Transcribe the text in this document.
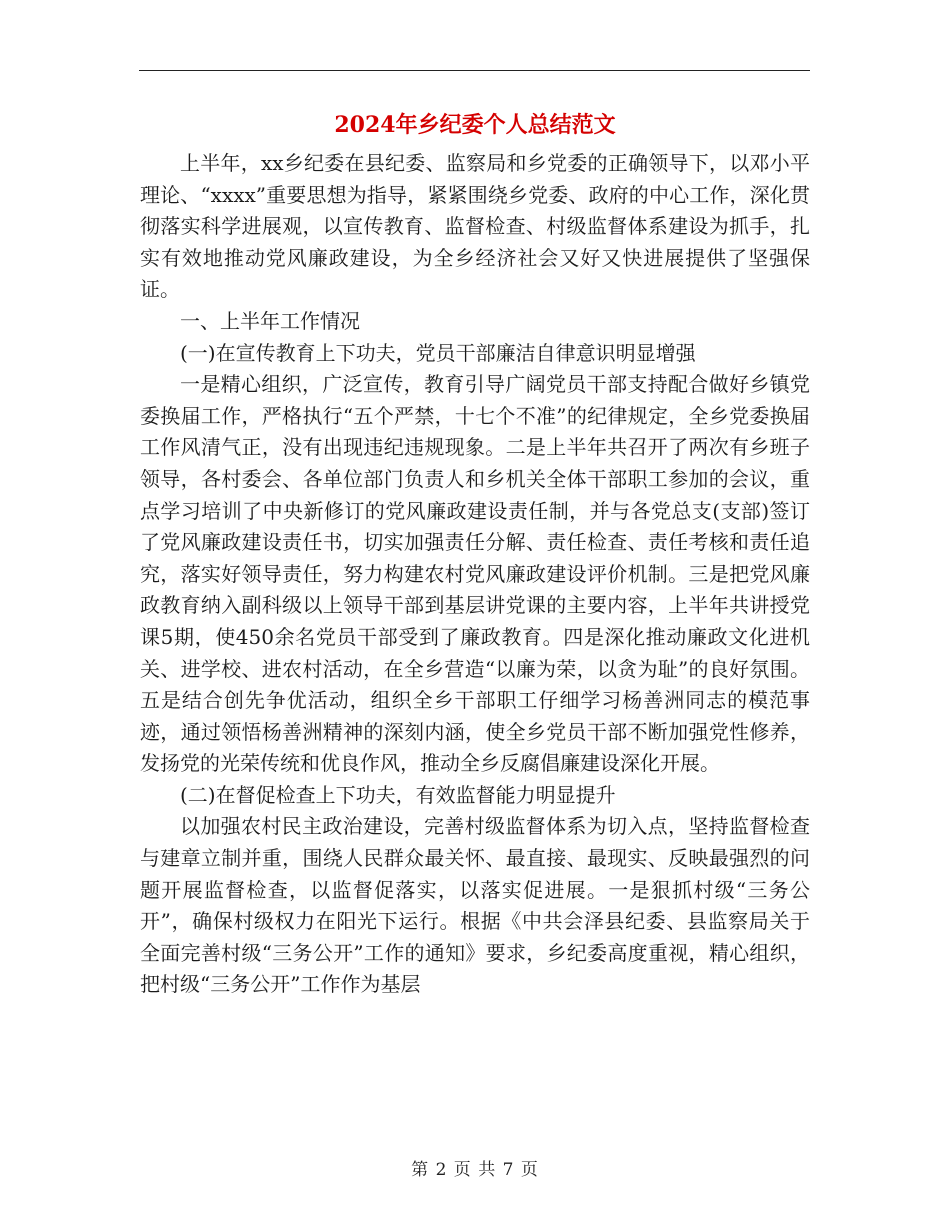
2024年乡纪委个人总结范文

上半年，xx乡纪委在县纪委、监察局和乡党委的正确领导下，以邓小平理论、“xxxx”重要思想为指导，紧紧围绕乡党委、政府的中心工作，深化贯彻落实科学进展观，以宣传教育、监督检查、村级监督体系建设为抓手，扎实有效地推动党风廉政建设，为全乡经济社会又好又快进展提供了坚强保证。

一、上半年工作情况

(一)在宣传教育上下功夫，党员干部廉洁自律意识明显增强

一是精心组织，广泛宣传，教育引导广阔党员干部支持配合做好乡镇党委换届工作，严格执行“五个严禁，十七个不准”的纪律规定，全乡党委换届工作风清气正，没有出现违纪违规现象。二是上半年共召开了两次有乡班子领导，各村委会、各单位部门负责人和乡机关全体干部职工参加的会议，重点学习培训了中央新修订的党风廉政建设责任制，并与各党总支(支部)签订了党风廉政建设责任书，切实加强责任分解、责任检查、责任考核和责任追究，落实好领导责任，努力构建农村党风廉政建设评价机制。三是把党风廉政教育纳入副科级以上领导干部到基层讲党课的主要内容，上半年共讲授党课5期，使450余名党员干部受到了廉政教育。四是深化推动廉政文化进机关、进学校、进农村活动，在全乡营造“以廉为荣，以贪为耻”的良好氛围。五是结合创先争优活动，组织全乡干部职工仔细学习杨善洲同志的模范事迹，通过领悟杨善洲精神的深刻内涵，使全乡党员干部不断加强党性修养，发扬党的光荣传统和优良作风，推动全乡反腐倡廉建设深化开展。

(二)在督促检查上下功夫，有效监督能力明显提升

以加强农村民主政治建设，完善村级监督体系为切入点，坚持监督检查与建章立制并重，围绕人民群众最关怀、最直接、最现实、反映最强烈的问题开展监督检查，以监督促落实，以落实促进展。一是狠抓村级“三务公开”，确保村级权力在阳光下运行。根据《中共会泽县纪委、县监察局关于全面完善村级“三务公开”工作的通知》要求，乡纪委高度重视，精心组织，把村级“三务公开”工作作为基层

第 2 页 共 7 页
